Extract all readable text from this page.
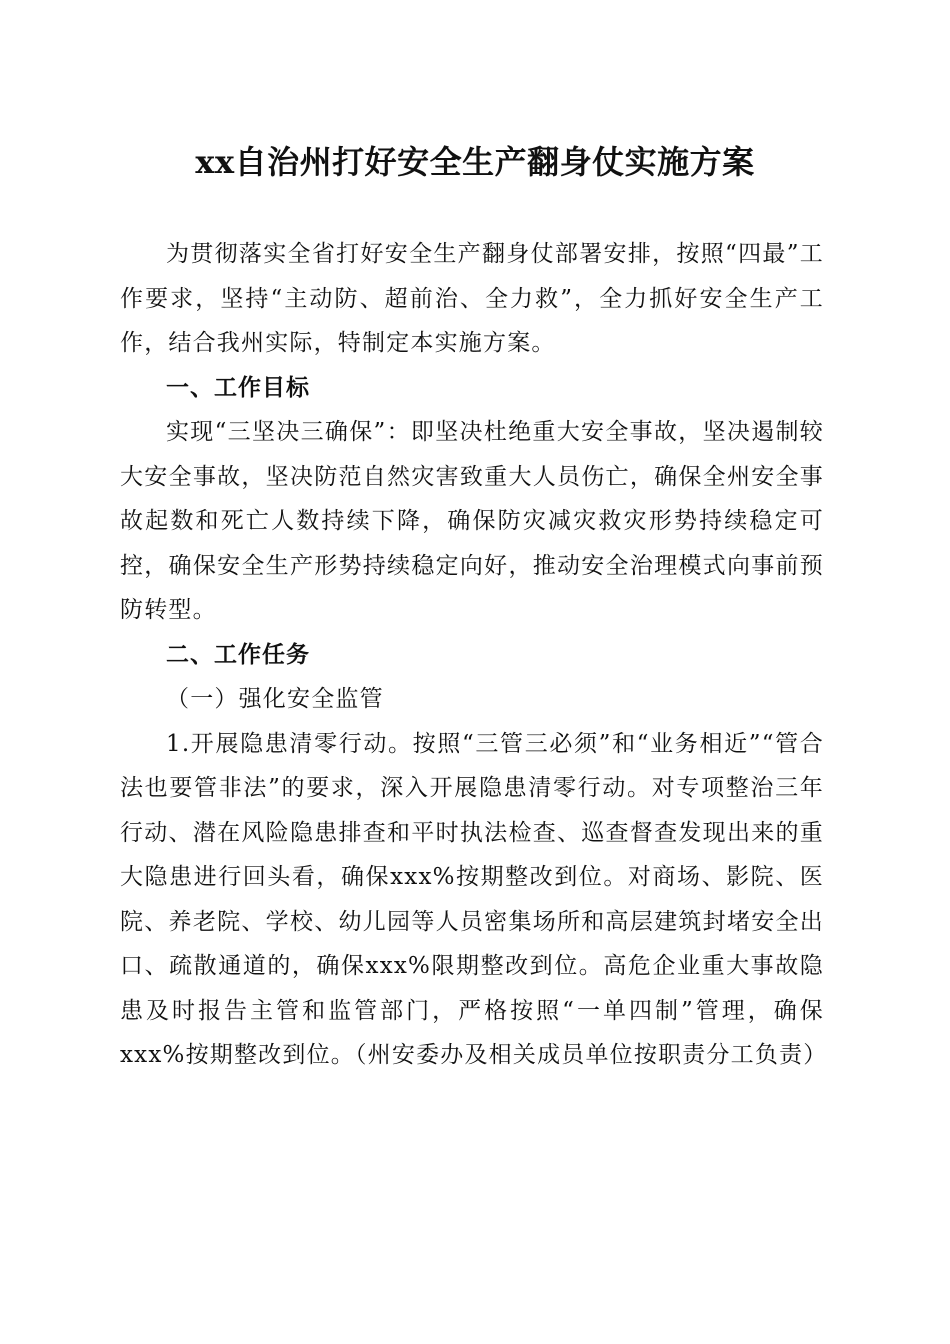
xx自治州打好安全生产翻身仗实施方案

为贯彻落实全省打好安全生产翻身仗部署安排，按照“四最”工作要求，坚持“主动防、超前治、全力救”，全力抓好安全生产工作，结合我州实际，特制定本实施方案。

一、工作目标

实现“三坚决三确保”：即坚决杜绝重大安全事故，坚决遏制较大安全事故，坚决防范自然灾害致重大人员伤亡，确保全州安全事故起数和死亡人数持续下降，确保防灾减灾救灾形势持续稳定可控，确保安全生产形势持续稳定向好，推动安全治理模式向事前预防转型。

二、工作任务

（一）强化安全监管

1.开展隐患清零行动。按照“三管三必须”和“业务相近”“管合法也要管非法”的要求，深入开展隐患清零行动。对专项整治三年行动、潜在风险隐患排查和平时执法检查、巡查督查发现出来的重大隐患进行回头看，确保xxx%按期整改到位。对商场、影院、医院、养老院、学校、幼儿园等人员密集场所和高层建筑封堵安全出口、疏散通道的，确保xxx%限期整改到位。高危企业重大事故隐患及时报告主管和监管部门，严格按照“一单四制”管理，确保xxx%按期整改到位。（州安委办及相关成员单位按职责分工负责）
